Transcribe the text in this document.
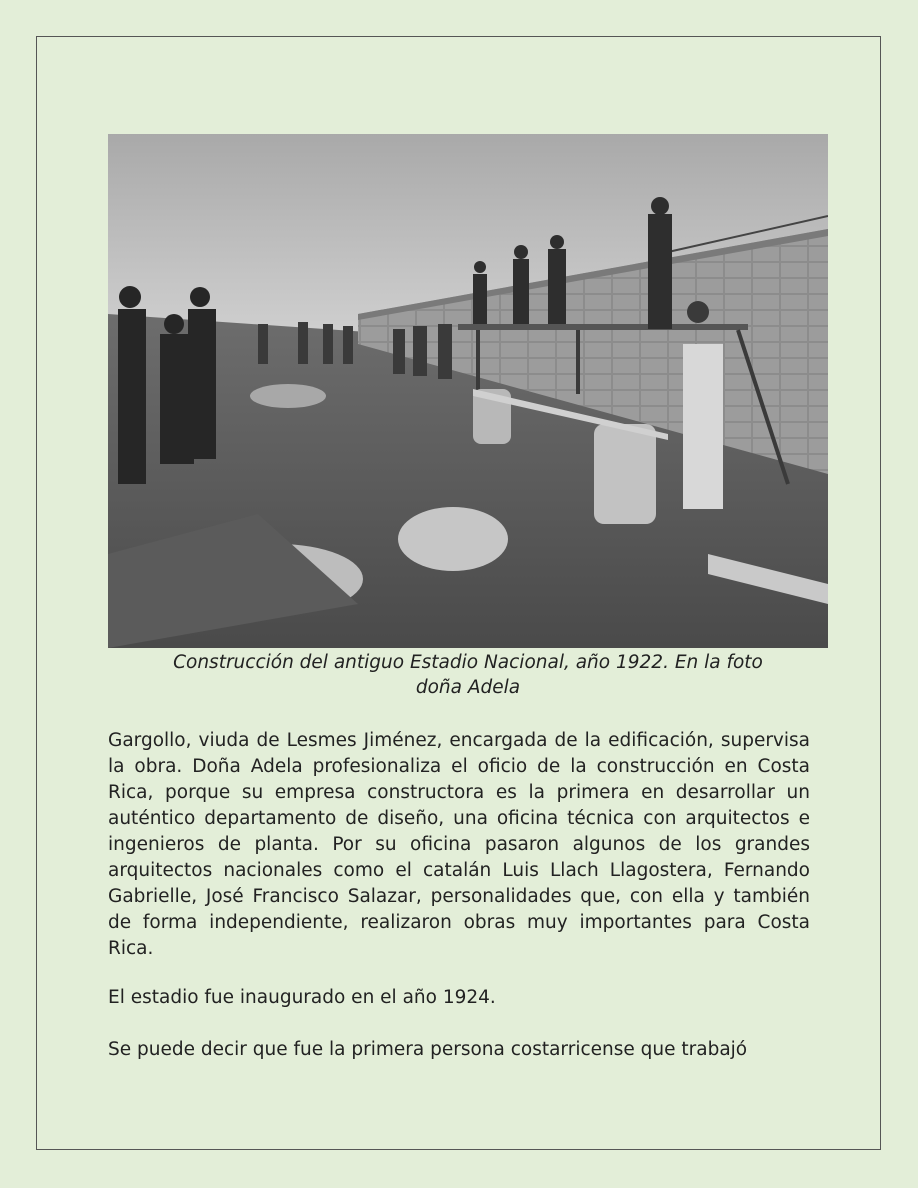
Construcción del antiguo Estadio Nacional, año 1922. En la foto
doña Adela

Gargollo, viuda de Lesmes Jiménez, encargada de la edificación, supervisa la obra. Doña Adela profesionaliza el oficio de la construcción en Costa Rica, porque su empresa constructora es la primera en desarrollar un auténtico departamento de diseño, una oficina técnica con arquitectos e ingenieros de planta. Por su oficina pasaron algunos de los grandes arquitectos nacionales como el catalán Luis Llach Llagostera, Fernando Gabrielle, José Francisco Salazar, personalidades que, con ella y también de forma independiente, realizaron obras muy importantes para Costa Rica.

El estadio fue inaugurado en el año 1924.

Se puede decir que fue la primera persona costarricense que trabajó
